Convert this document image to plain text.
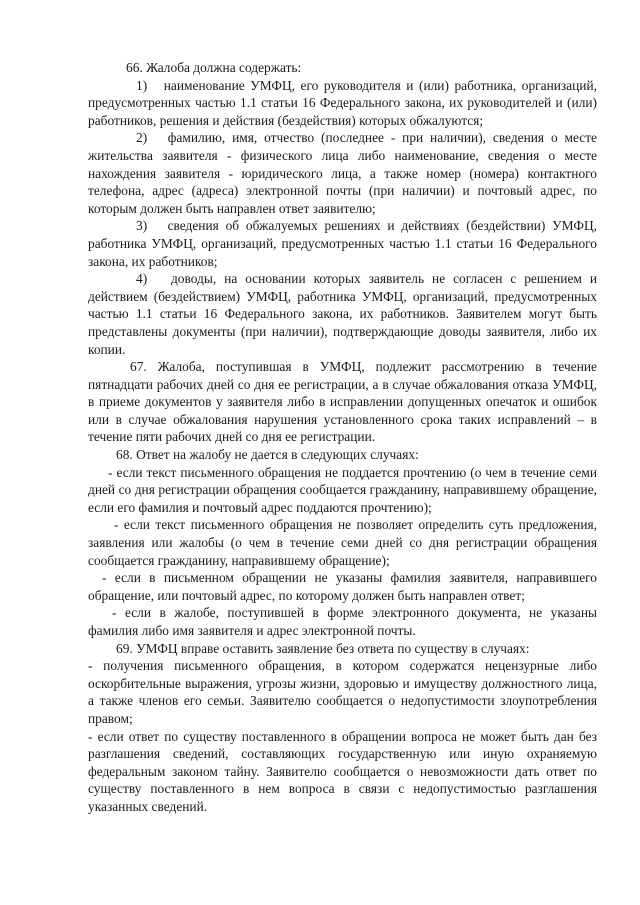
66. Жалоба должна содержать:

1)   наименование УМФЦ, его руководителя и (или) работника, организаций, предусмотренных частью 1.1 статьи 16 Федерального закона, их руководителей и (или) работников, решения и действия (бездействия) которых обжалуются;

2)   фамилию, имя, отчество (последнее - при наличии), сведения о месте жительства заявителя - физического лица либо наименование, сведения о месте нахождения заявителя - юридического лица, а также номер (номера) контактного телефона, адрес (адреса) электронной почты (при наличии) и почтовый адрес, по которым должен быть направлен ответ заявителю;

3)   сведения об обжалуемых решениях и действиях (бездействии) УМФЦ, работника УМФЦ, организаций, предусмотренных частью 1.1 статьи 16 Федерального закона, их работников;

4)   доводы, на основании которых заявитель не согласен с решением и действием (бездействием) УМФЦ, работника УМФЦ, организаций, предусмотренных частью 1.1 статьи 16 Федерального закона, их работников. Заявителем могут быть представлены документы (при наличии), подтверждающие доводы заявителя, либо их копии.

67. Жалоба, поступившая в УМФЦ, подлежит рассмотрению в течение пятнадцати рабочих дней со дня ее регистрации, а в случае обжалования отказа УМФЦ, в приеме документов у заявителя либо в исправлении допущенных опечаток и ошибок или в случае обжалования нарушения установленного срока таких исправлений – в течение пяти рабочих дней со дня ее регистрации.

68. Ответ на жалобу не дается в следующих случаях:

- если текст письменного обращения не поддается прочтению (о чем в течение семи дней со дня регистрации обращения сообщается гражданину, направившему обращение, если его фамилия и почтовый адрес поддаются прочтению);

- если текст письменного обращения не позволяет определить суть предложения, заявления или жалобы (о чем в течение семи дней со дня регистрации обращения сообщается гражданину, направившему обращение);

- если в письменном обращении не указаны фамилия заявителя, направившего обращение, или почтовый адрес, по которому должен быть направлен ответ;

- если в жалобе, поступившей в форме электронного документа, не указаны фамилия либо имя заявителя и адрес электронной почты.

69. УМФЦ вправе оставить заявление без ответа по существу в случаях:

- получения письменного обращения, в котором содержатся нецензурные либо оскорбительные выражения, угрозы жизни, здоровью и имуществу должностного лица, а также членов его семьи. Заявителю сообщается о недопустимости злоупотребления правом;

- если ответ по существу поставленного в обращении вопроса не может быть дан без разглашения сведений, составляющих государственную или иную охраняемую федеральным законом тайну. Заявителю сообщается о невозможности дать ответ по существу поставленного в нем вопроса в связи с недопустимостью разглашения указанных сведений.
